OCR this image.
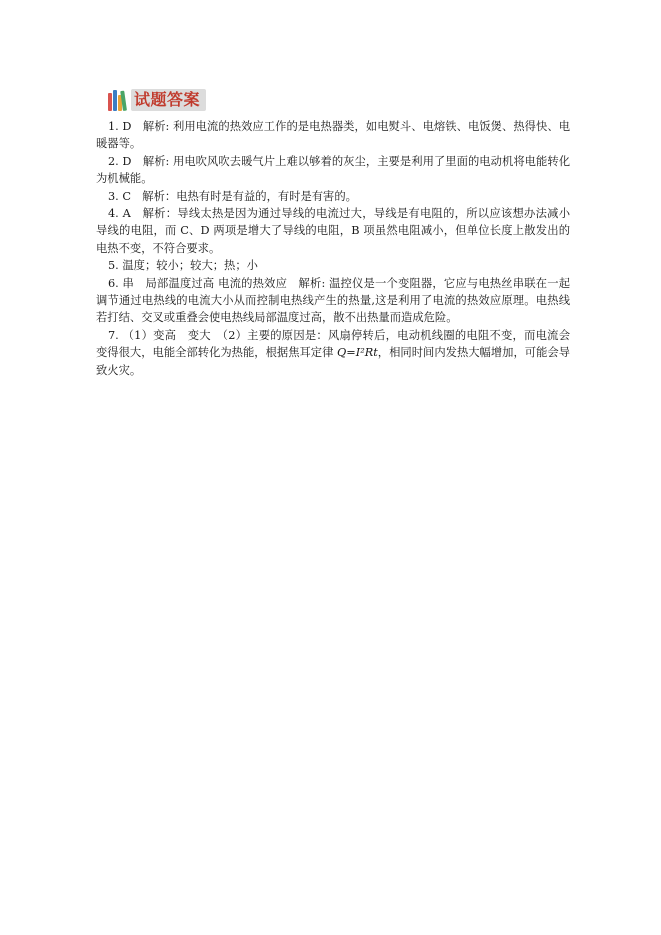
试题答案

1. D　解析: 利用电流的热效应工作的是电热器类，如电熨斗、电熔铁、电饭煲、热得快、电暖器等。

2. D　解析: 用电吹风吹去暖气片上难以够着的灰尘，主要是利用了里面的电动机将电能转化为机械能。

3. C　解析：电热有时是有益的，有时是有害的。

4. A　解析：导线太热是因为通过导线的电流过大，导线是有电阻的，所以应该想办法减小导线的电阻，而 C、D 两项是增大了导线的电阻，B 项虽然电阻减小，但单位长度上散发出的电热不变，不符合要求。

5. 温度；较小；较大；热；小

6. 串　局部温度过高 电流的热效应　解析: 温控仪是一个变阻器，它应与电热丝串联在一起调节通过电热线的电流大小从而控制电热线产生的热量,这是利用了电流的热效应原理。电热线若打结、交叉或重叠会使电热线局部温度过高，散不出热量而造成危险。

7. （1）变高　变大　（2）主要的原因是：风扇停转后，电动机线圈的电阻不变，而电流会变得很大，电能全部转化为热能，根据焦耳定律 Q=I²Rt，相同时间内发热大幅增加，可能会导致火灾。
